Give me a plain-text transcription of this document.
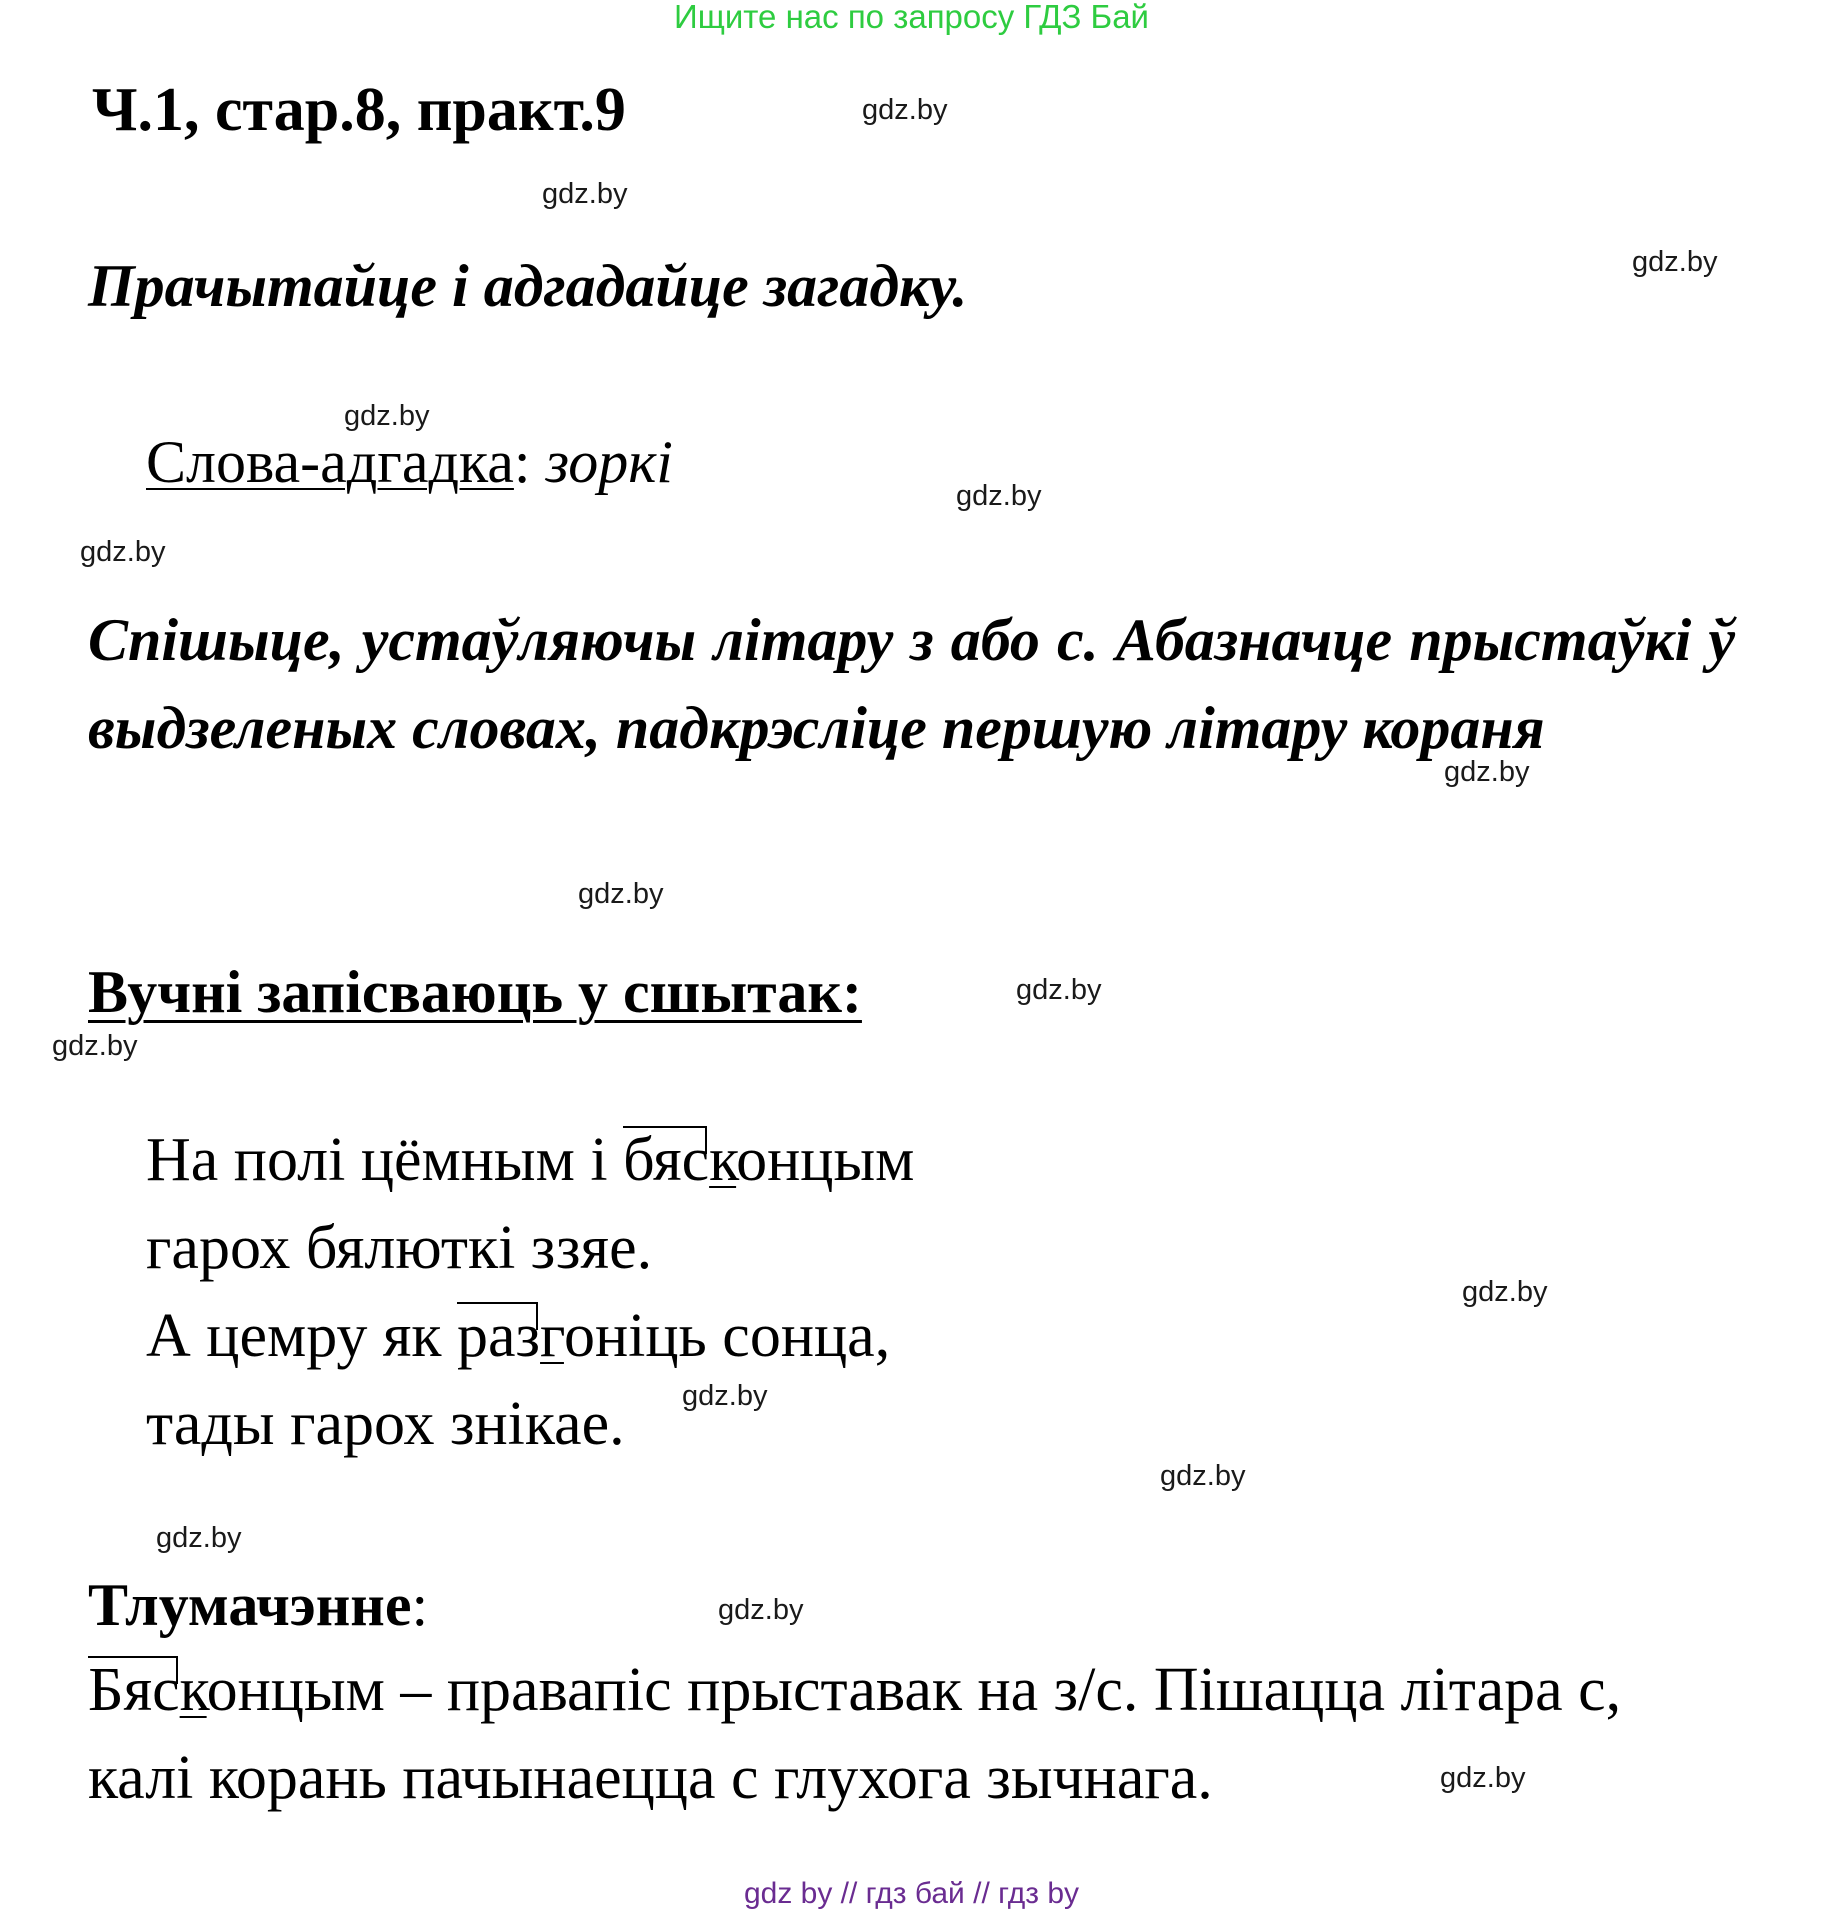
Ищите нас по запросу ГДЗ Бай
Ч.1, стар.8, практ.9
Прачытайце і адгадайце загадку.
Слова-адгадка: зоркі
Спішыце, устаўляючы літару з або с. Абазначце прыстаўкі ў выдзеленых словах, падкрэсліце першую літару кораня
Вучні запісваюць у сшытак:
На полі цёмным і
бясконцым
гарох бялюткі ззяе.
А цемру як
разгоніць сонца,
тады гарох знікае.
Тлумачэнне:
Бясконцым – правапіс прыставак на з/с. Пішацца літара с,
калі корань пачынаецца с глухога зычнага.
gdz.by
gdz.by
gdz.by
gdz.by
gdz.by
gdz.by
gdz.by
gdz.by
gdz.by
gdz.by
gdz.by
gdz.by
gdz.by
gdz.by
gdz.by
gdz.by
gdz by // гдз бай // гдз by
